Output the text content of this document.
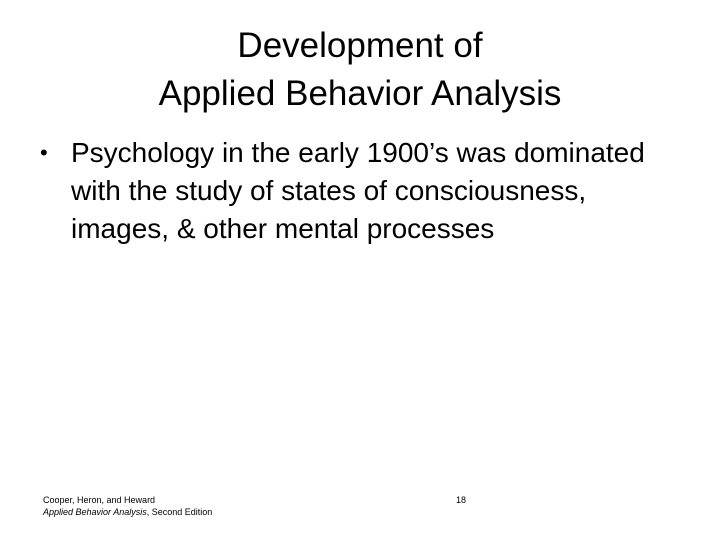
Development of
Applied Behavior Analysis
• Psychology in the early 1900’s was dominated with the study of states of consciousness, images, & other mental processes
Cooper, Heron, and Heward
Applied Behavior Analysis, Second Edition
18
